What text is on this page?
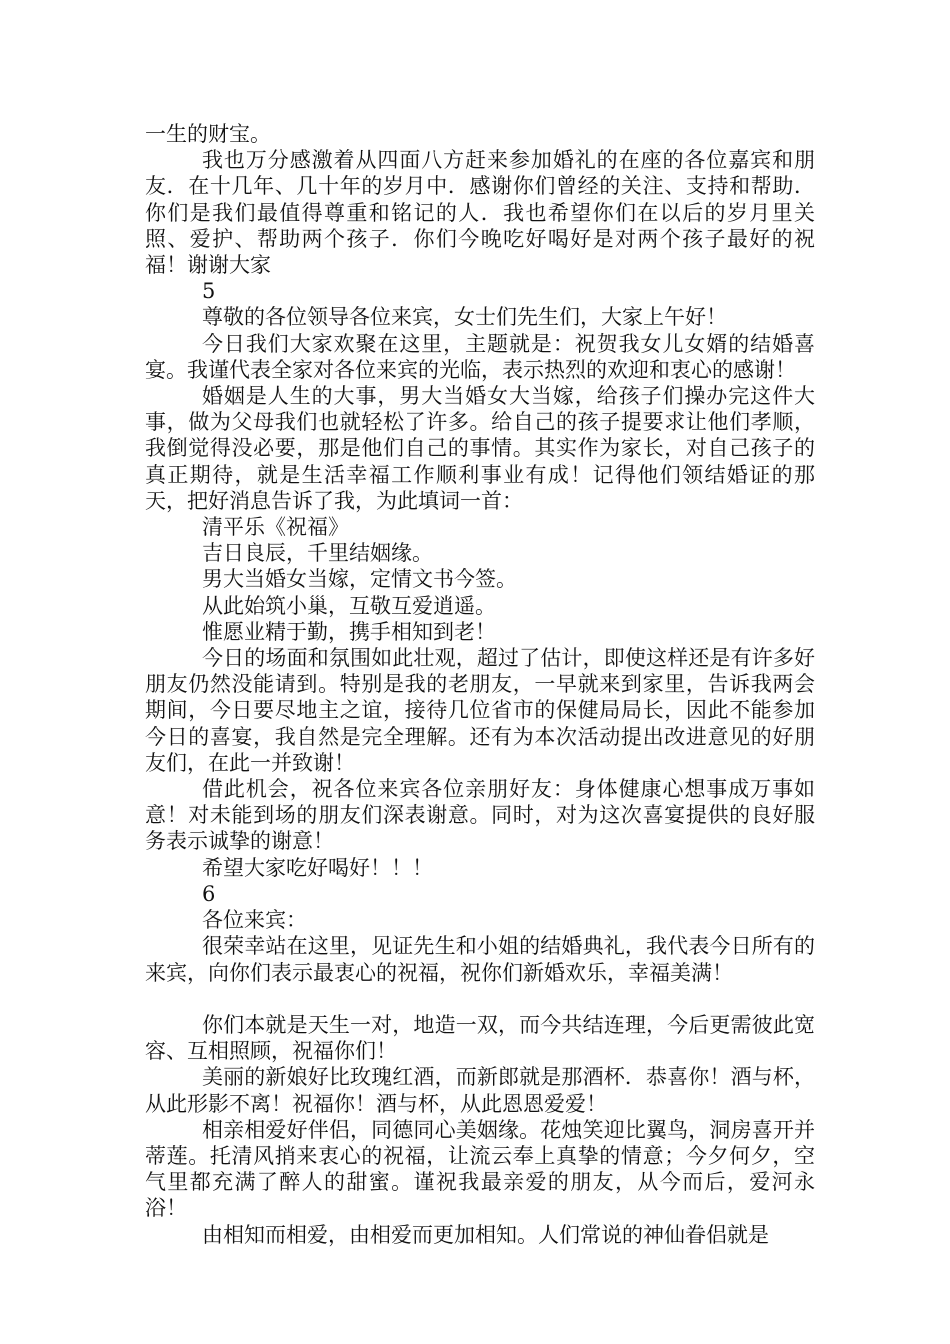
一生的财宝。

我也万分感激着从四面八方赶来参加婚礼的在座的各位嘉宾和朋友．在十几年、几十年的岁月中．感谢你们曾经的关注、支持和帮助．你们是我们最值得尊重和铭记的人．我也希望你们在以后的岁月里关照、爱护、帮助两个孩子．你们今晚吃好喝好是对两个孩子最好的祝福！谢谢大家

5

尊敬的各位领导各位来宾，女士们先生们，大家上午好！

今日我们大家欢聚在这里，主题就是：祝贺我女儿女婿的结婚喜宴。我谨代表全家对各位来宾的光临，表示热烈的欢迎和衷心的感谢！

婚姻是人生的大事，男大当婚女大当嫁，给孩子们操办完这件大事，做为父母我们也就轻松了许多。给自己的孩子提要求让他们孝顺，我倒觉得没必要，那是他们自己的事情。其实作为家长，对自己孩子的真正期待，就是生活幸福工作顺利事业有成！记得他们领结婚证的那天，把好消息告诉了我，为此填词一首：

清平乐《祝福》

吉日良辰，千里结姻缘。

男大当婚女当嫁，定情文书今签。

从此始筑小巢，互敬互爱逍遥。

惟愿业精于勤，携手相知到老！

今日的场面和氛围如此壮观，超过了估计，即使这样还是有许多好朋友仍然没能请到。特别是我的老朋友，一早就来到家里，告诉我两会期间，今日要尽地主之谊，接待几位省市的保健局局长，因此不能参加今日的喜宴，我自然是完全理解。还有为本次活动提出改进意见的好朋友们，在此一并致谢！

借此机会，祝各位来宾各位亲朋好友：身体健康心想事成万事如意！对未能到场的朋友们深表谢意。同时，对为这次喜宴提供的良好服务表示诚挚的谢意！

希望大家吃好喝好！！！

6

各位来宾：

很荣幸站在这里，见证先生和小姐的结婚典礼，我代表今日所有的来宾，向你们表示最衷心的祝福，祝你们新婚欢乐，幸福美满！

你们本就是天生一对，地造一双，而今共结连理，今后更需彼此宽容、互相照顾，祝福你们！

美丽的新娘好比玫瑰红酒，而新郎就是那酒杯．恭喜你！酒与杯，从此形影不离！祝福你！酒与杯，从此恩恩爱爱！

相亲相爱好伴侣，同德同心美姻缘。花烛笑迎比翼鸟，洞房喜开并蒂莲。托清风捎来衷心的祝福，让流云奉上真挚的情意；今夕何夕，空气里都充满了醉人的甜蜜。谨祝我最亲爱的朋友，从今而后，爱河永浴！

由相知而相爱，由相爱而更加相知。人们常说的神仙眷侣就是
